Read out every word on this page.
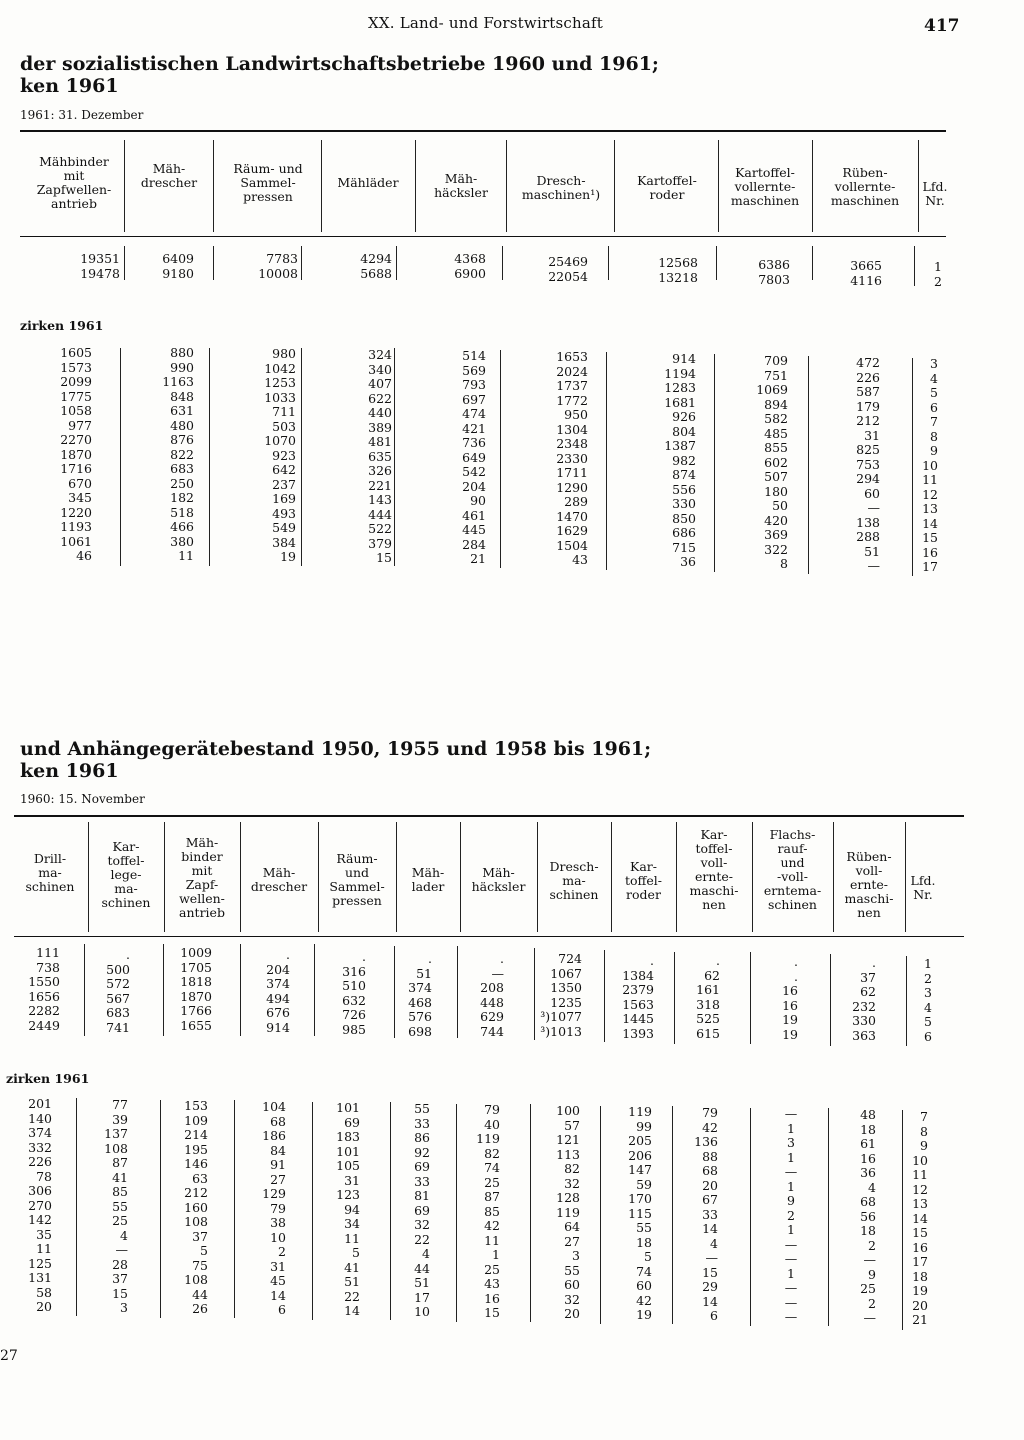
XX. Land- und Forstwirtschaft	417
der sozialistischen Landwirtschaftsbetriebe 1960 und 1961;
ken 1961
1961: 31. Dezember
Mähbinder
mit
Zapfwellen-
antrieb
Mäh-
drescher
Räum- und
Sammel-
pressen
Mähläder	Mäh-
häcksler
Dresch-
maschinen¹)
Kartoffel-
roder
Kartoffel-
vollernte-
maschinen
Rüben-
vollernte-
maschinen
Lfd.
Nr.
19351
19478
6409
9180
7783
10008
4294
5688
4368
6900
25469
22054
12568
13218
6386
7803
3665
4116
1
2
zirken 1961
1605
1573
2099
1775
1058
977
2270
1870
1716
670
345
1220
1193
1061
46
880
990
1163
848
631
480
876
822
683
250
182
518
466
380
11
980
1042
1253
1033
711
503
1070
923
642
237
169
493
549
384
19
324
340
407
622
440
389
481
635
326
221
143
444
522
379
15
514
569
793
697
474
421
736
649
542
204
90
461
445
284
21
1653
2024
1737
1772
950
1304
2348
2330
1711
1290
289
1470
1629
1504
43
914
1194
1283
1681
926
804
1387
982
874
556
330
850
686
715
36
709
751
1069
894
582
485
855
602
507
180
50
420
369
322
8
472
226
587
179
212
31
825
753
294
60
—
138
288
51
—
3
4
5
6
7
8
9
10
11
12
13
14
15
16
17
und Anhängegerätebestand 1950, 1955 und 1958 bis 1961;
ken 1961
1960: 15. November
Drill-
ma-
schinen
Kar-
toffel-
lege-
ma-
schinen
Mäh-
binder
mit
Zapf-
wellen-
antrieb
Mäh-
drescher
Räum-
und
Sammel-
pressen
Mäh-
lader
Mäh-
häcksler
Dresch-
ma-
schinen
Kar-
toffel-
roder
Kar-
toffel-
voll-
ernte-
maschi-
nen
Flachs-
rauf-
und
-voll-
erntema-
schinen
Rüben-
voll-
ernte-
maschi-
nen
Lfd.
Nr.
111
738
1550
1656
2282
2449
.
500
572
567
683
741
1009
1705
1818
1870
1766
1655
.
204
374
494
676
914
.
316
510
632
726
985
.
51
374
468
576
698
.
—
208
448
629
744
724
1067
1350
1235
³)1077
³)1013
.
1384
2379
1563
1445
1393
.
62
161
318
525
615
.
.
16
16
19
19
.
37
62
232
330
363
1
2
3
4
5
6
zirken 1961
201
140
374
332
226
78
306
270
142
35
11
125
131
58
20
77
39
137
108
87
41
85
55
25
4
—
28
37
15
3
153
109
214
195
146
63
212
160
108
37
5
75
108
44
26
104
68
186
84
91
27
129
79
38
10
2
31
45
14
6
101
69
183
101
105
31
123
94
34
11
5
41
51
22
14
55
33
86
92
69
33
81
69
32
22
4
44
51
17
10
79
40
119
82
74
25
87
85
42
11
1
25
43
16
15
100
57
121
113
82
32
128
119
64
27
3
55
60
32
20
119
99
205
206
147
59
170
115
55
18
5
74
60
42
19
79
42
136
88
68
20
67
33
14
4
—
15
29
14
6
—
1
3
1
—
1
9
2
1
—
—
1
—
—
—
48
18
61
16
36
4
68
56
18
2
—
9
25
2
—
7
8
9
10
11
12
13
14
15
16
17
18
19
20
21
27
